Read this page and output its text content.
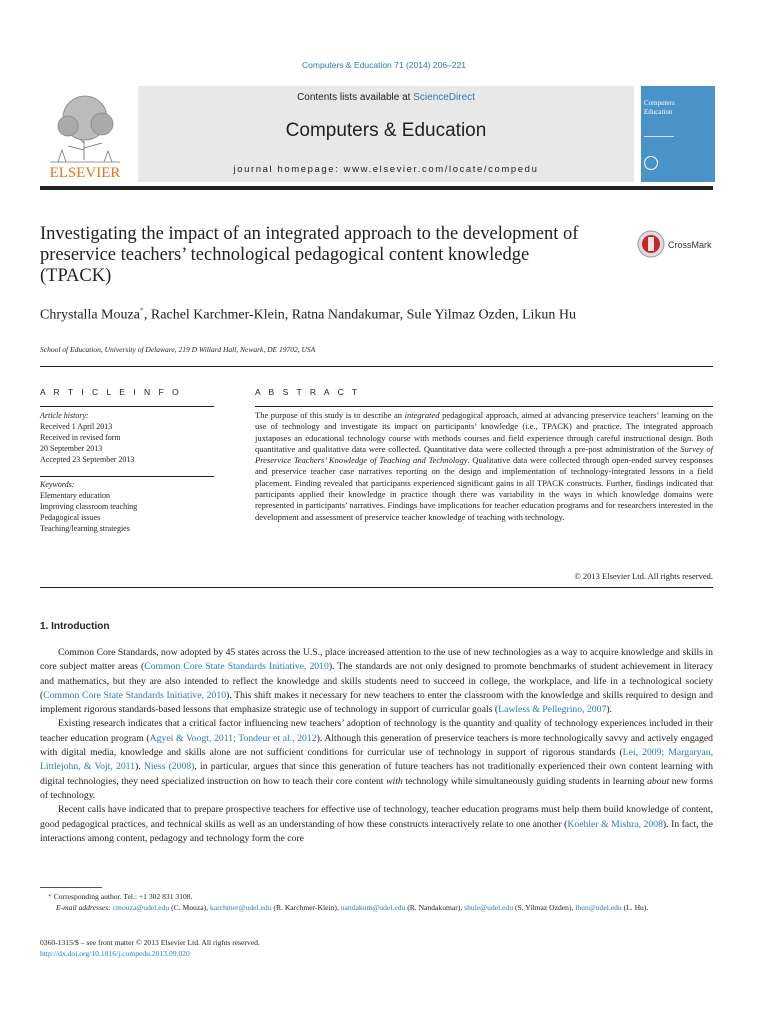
Computers & Education 71 (2014) 206–221
ELSEVIER
Contents lists available at ScienceDirect
Computers & Education
journal homepage: www.elsevier.com/locate/compedu
Computers
Education
Investigating the impact of an integrated approach to the development of preservice teachers’ technological pedagogical content knowledge (TPACK)
CrossMark
Chrystalla Mouza*, Rachel Karchmer-Klein, Ratna Nandakumar, Sule Yilmaz Ozden, Likun Hu
School of Education, University of Delaware, 219 D Willard Hall, Newark, DE 19702, USA
A R T I C L E I N F O	A B S T R A C T
Article history:
Received 1 April 2013
Received in revised form
20 September 2013
Accepted 23 September 2013
Keywords:
Elementary education
Improving classroom teaching
Pedagogical issues
Teaching/learning strategies
The purpose of this study is to describe an integrated pedagogical approach, aimed at advancing preservice teachers’ learning on the use of technology and investigate its impact on participants’ knowledge (i.e., TPACK) and practice. The integrated approach juxtaposes an educational technology course with methods courses and field experience through careful instructional design. Both quantitative and qualitative data were collected. Quantitative data were collected through a pre-post administration of the Survey of Preservice Teachers’ Knowledge of Teaching and Technology. Qualitative data were collected through open-ended survey responses and preservice teacher case narratives reporting on the design and implementation of technology-integrated lessons in a field placement. Finding revealed that participants experienced significant gains in all TPACK constructs. Further, findings indicated that participants applied their knowledge in practice though there was variability in the ways in which knowledge domains were represented in participants’ narratives. Findings have implications for teacher education programs and for researchers interested in the development and assessment of preservice teacher knowledge of teaching with technology.
© 2013 Elsevier Ltd. All rights reserved.
1. Introduction

Common Core Standards, now adopted by 45 states across the U.S., place increased attention to the use of new technologies as a way to acquire knowledge and skills in core subject matter areas (Common Core State Standards Initiative, 2010). The standards are not only designed to promote benchmarks of student achievement in literacy and mathematics, but they are also intended to reflect the knowledge and skills students need to succeed in college, the workplace, and life in a technological society (Common Core State Standards Initiative, 2010). This shift makes it necessary for new teachers to enter the classroom with the knowledge and skills required to design and implement rigorous standards-based lessons that emphasize strategic use of technology in support of curricular goals (Lawless & Pellegrino, 2007).

Existing research indicates that a critical factor influencing new teachers’ adoption of technology is the quantity and quality of technology experiences included in their teacher education program (Agyei & Voogt, 2011; Tondeur et al., 2012). Although this generation of preservice teachers is more technologically savvy and actively engaged with digital media, knowledge and skills alone are not sufficient conditions for curricular use of technology in support of rigorous standards (Lei, 2009; Margaryan, Littlejohn, & Vojt, 2011). Niess (2008), in particular, argues that since this generation of future teachers has not traditionally experienced their own content learning with digital technologies, they need specialized instruction on how to teach their core content with technology while simultaneously guiding students in learning about new forms of technology.

Recent calls have indicated that to prepare prospective teachers for effective use of technology, teacher education programs must help them build knowledge of content, good pedagogical practices, and technical skills as well as an understanding of how these constructs interactively relate to one another (Koehler & Mishra, 2008). In fact, the interactions among content, pedagogy and technology form the core

* Corresponding author. Tel.: +1 302 831 3108.
E-mail addresses: cmouza@udel.edu (C. Mouza), karchmer@udel.edu (R. Karchmer-Klein), nandakum@udel.edu (R. Nandakumar), shule@udel.edu (S. Yilmaz Ozden), lhun@udel.edu (L. Hu).
0360-1315/$ – see front matter © 2013 Elsevier Ltd. All rights reserved.
http://dx.doi.org/10.1016/j.compedu.2013.09.020
